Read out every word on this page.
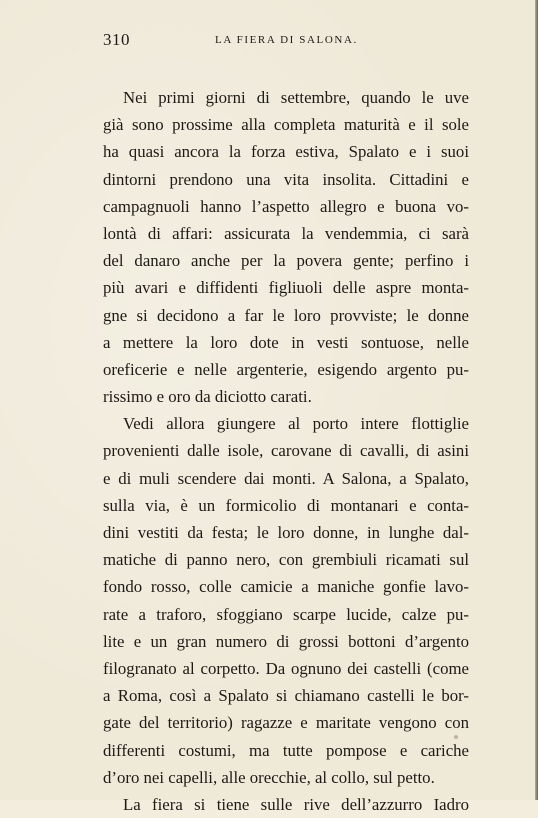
310	LA FIERA DI SALONA.
Nei primi giorni di settembre, quando le uve
già sono prossime alla completa maturità e il sole
ha quasi ancora la forza estiva, Spalato e i suoi
dintorni prendono una vita insolita. Cittadini e
campagnuoli hanno l’aspetto allegro e buona vo-
lontà di affari: assicurata la vendemmia, ci sarà
del danaro anche per la povera gente; perfino i
più avari e diffidenti figliuoli delle aspre monta-
gne si decidono a far le loro provviste; le donne
a mettere la loro dote in vesti sontuose, nelle
oreficerie e nelle argenterie, esigendo argento pu-
rissimo e oro da diciotto carati.
Vedi allora giungere al porto intere flottiglie
provenienti dalle isole, carovane di cavalli, di asini
e di muli scendere dai monti. A Salona, a Spalato,
sulla via, è un formicolio di montanari e conta-
dini vestiti da festa; le loro donne, in lunghe dal-
matiche di panno nero, con grembiuli ricamati sul
fondo rosso, colle camicie a maniche gonfie lavo-
rate a traforo, sfoggiano scarpe lucide, calze pu-
lite e un gran numero di grossi bottoni d’argento
filogranato al corpetto. Da ognuno dei castelli (come
a Roma, così a Spalato si chiamano castelli le bor-
gate del territorio) ragazze e maritate vengono con
differenti costumi, ma tutte pompose e cariche
d’oro nei capelli, alle orecchie, al collo, sul petto.
La fiera si tiene sulle rive dell’azzurro Iadro
